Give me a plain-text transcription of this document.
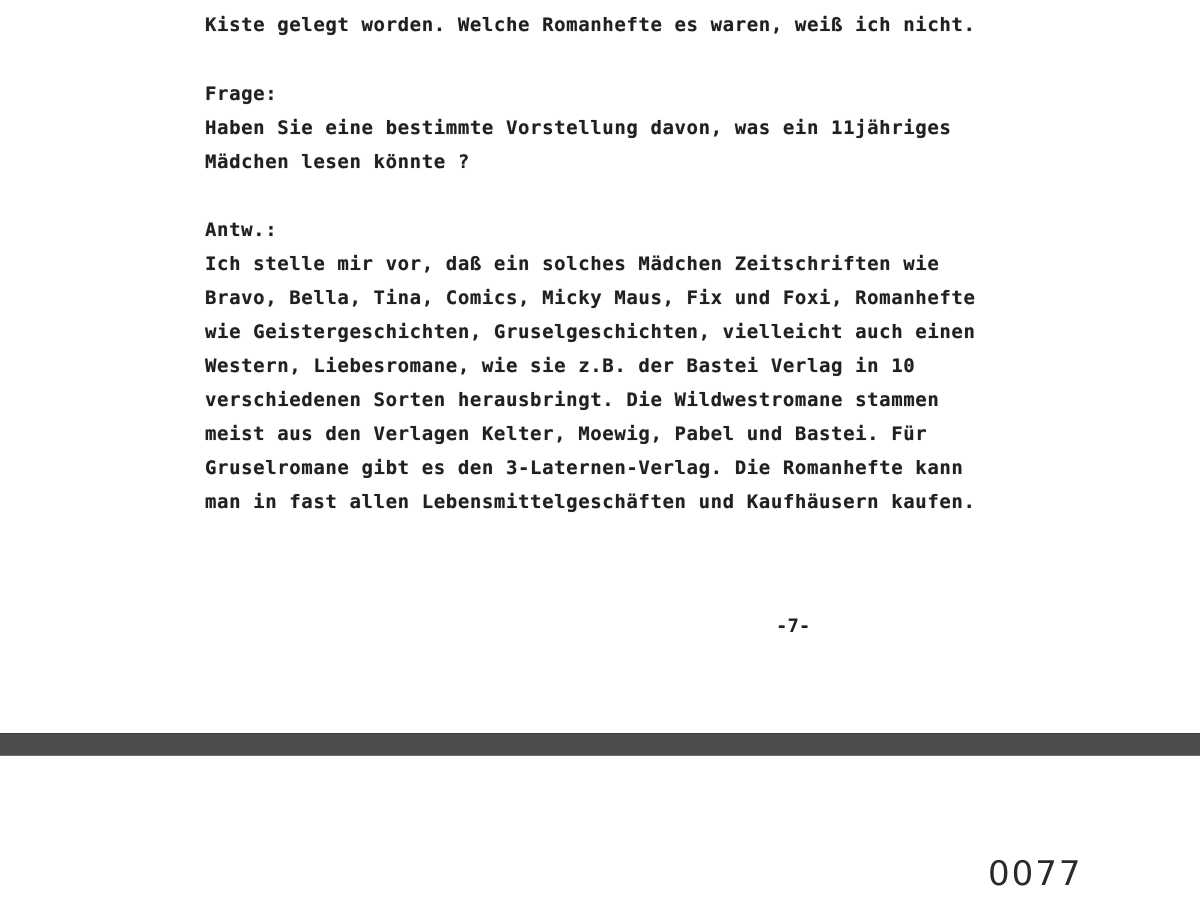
Kiste gelegt worden. Welche Romanhefte es waren, weiß ich nicht.
Frage:
Haben Sie eine bestimmte Vorstellung davon, was ein 11jähriges
Mädchen lesen könnte ?
Antw.:
Ich stelle mir vor, daß ein solches Mädchen Zeitschriften wie
Bravo, Bella, Tina, Comics, Micky Maus, Fix und Foxi, Romanhefte
wie Geistergeschichten, Gruselgeschichten, vielleicht auch einen
Western, Liebesromane, wie sie z.B. der Bastei Verlag in 10
verschiedenen Sorten herausbringt. Die Wildwestromane stammen
meist aus den Verlagen Kelter, Moewig, Pabel und Bastei. Für
Gruselromane gibt es den 3-Laternen-Verlag. Die Romanhefte kann
man in fast allen Lebensmittelgeschäften und Kaufhäusern kaufen.
-7-
0077
